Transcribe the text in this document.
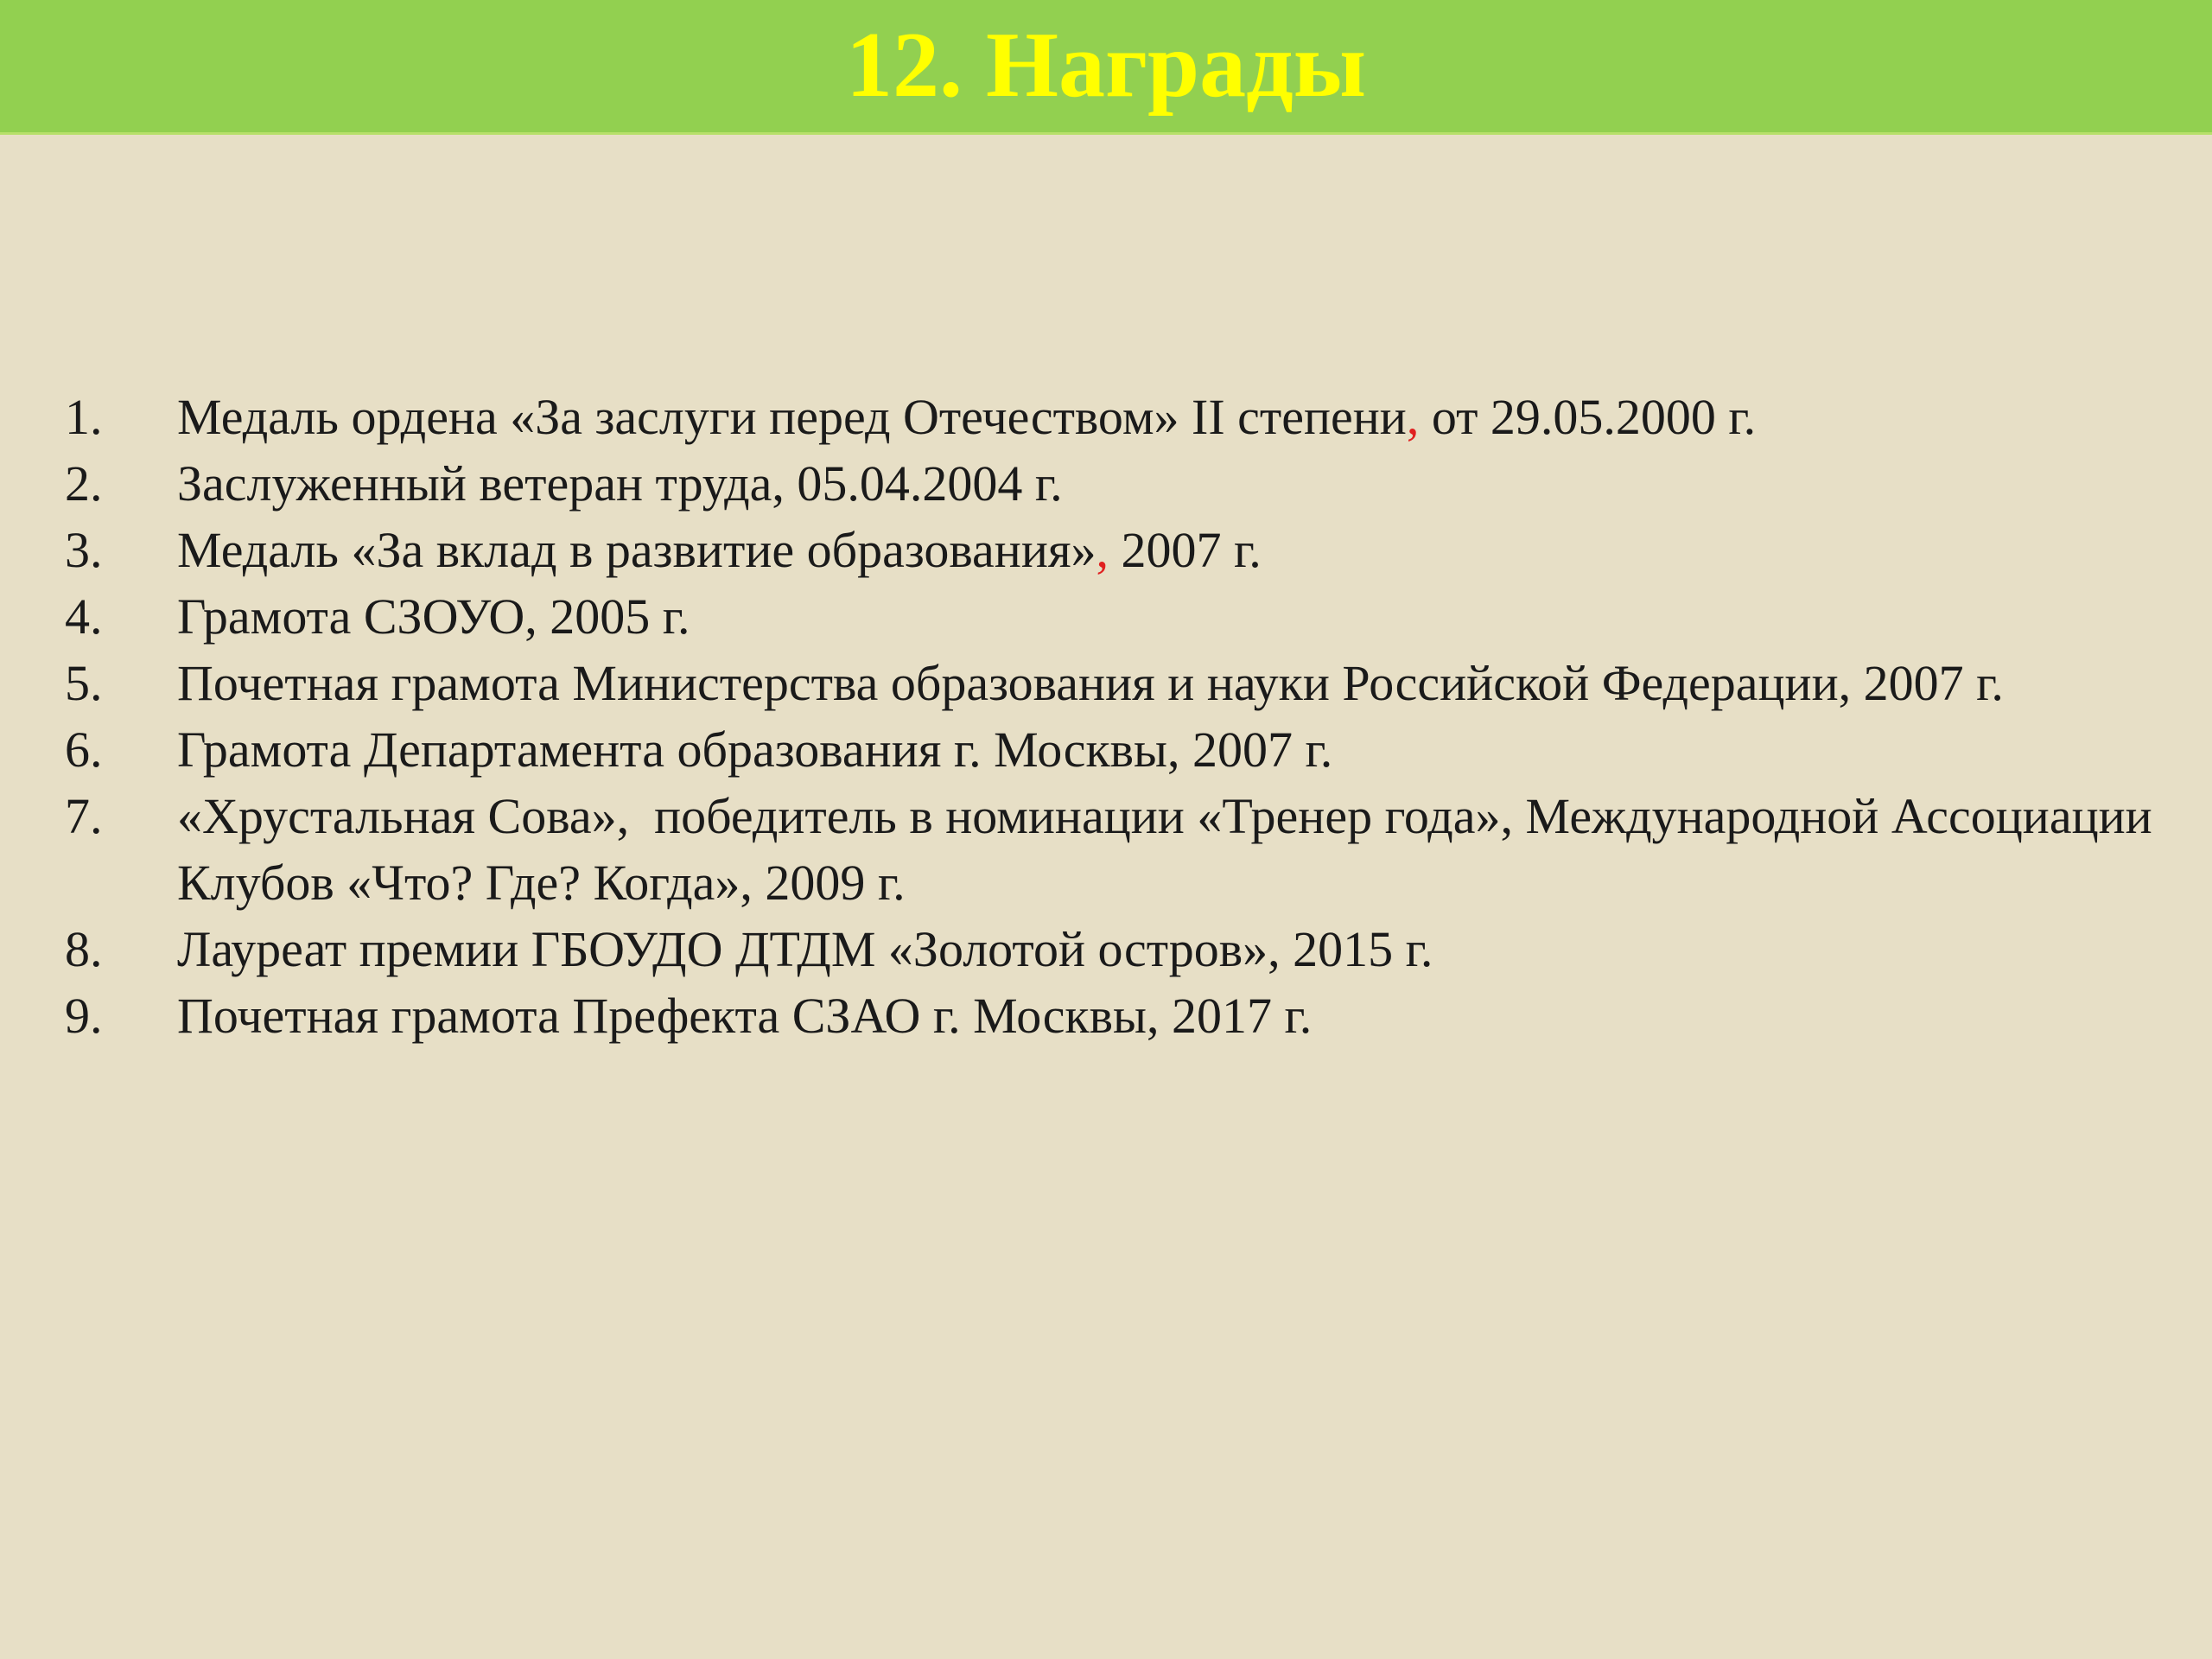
12. Награды
1.	Медаль ордена «За заслуги перед Отечеством» II степени, от 29.05.2000 г.
2.	Заслуженный ветеран труда, 05.04.2004 г.
3.	Медаль «За вклад в развитие образования», 2007 г.
4.	Грамота СЗОУО, 2005 г.
5.	Почетная грамота Министерства образования и науки Российской Федерации, 2007 г.
6.	Грамота Департамента образования г. Москвы, 2007 г.
7.	«Хрустальная Сова»,  победитель в номинации «Тренер года», Международной Ассоциации Клубов «Что? Где? Когда», 2009 г.
8.	Лауреат премии ГБОУДО ДТДМ «Золотой остров», 2015 г.
9.	Почетная грамота Префекта СЗАО г. Москвы, 2017 г.
